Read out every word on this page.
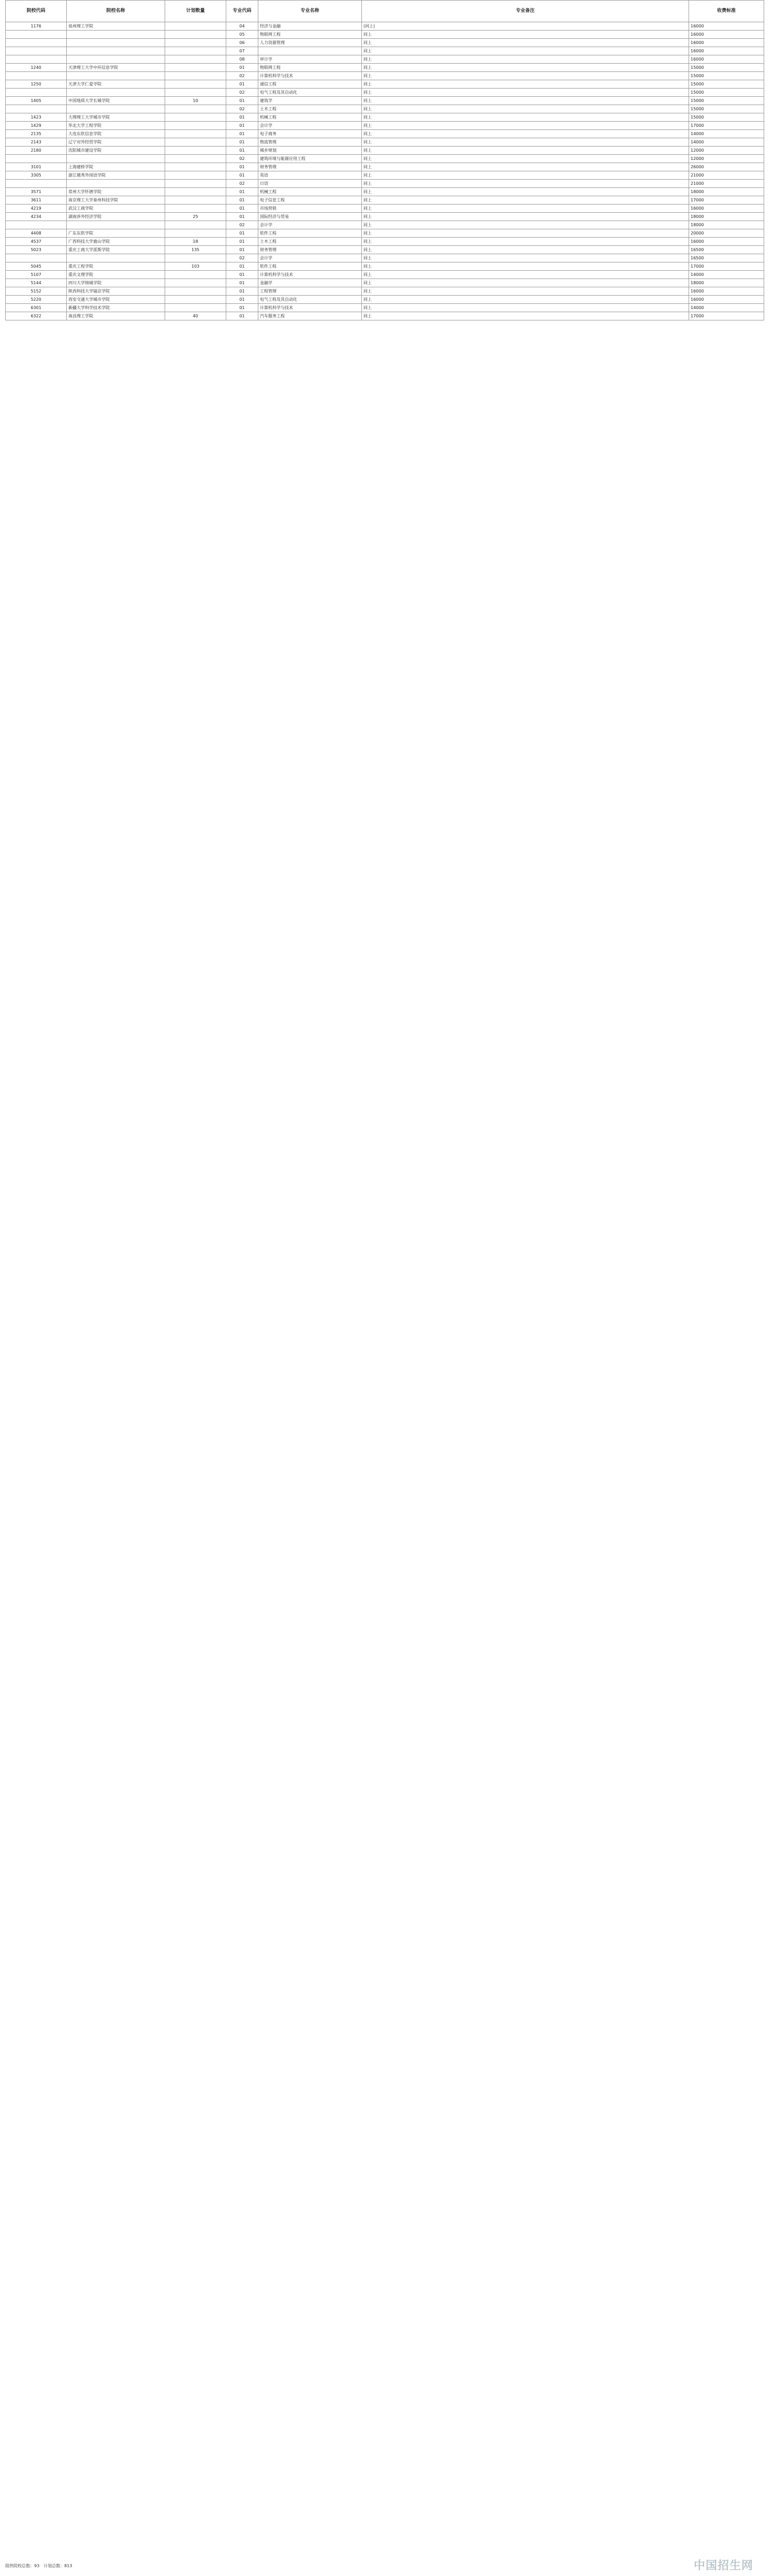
院校代码	院校名称	计划数量	专业代码	专业名称	专业备注	收费标准
1176	泉州理工学院		04	经济与金融	(同上)	16000
			05	物联网工程	同上	16000
			06	人力资源管理	同上	16000
			07		同上	16000
			08	审计学	同上	16000
1240	天津理工大学中环信息学院		01	物联网工程	同上	15000
			02	计算机科学与技术	同上	15000
1250	天津大学仁爱学院		01	通信工程	同上	15000
			02	电气工程及其自动化	同上	15000
1405	中国地质大学长城学院	10	01	建筑学	同上	15000
			02	土木工程	同上	15000
1423	大理理工大学城市学院		01	机械工程	同上	15000
1429	华北大学工程学院		01	会计学	同上	17000
2135	大连东软信息学院		01	电子商务	同上	14000
2143	辽宁对外经贸学院		01	物流管理	同上	14000
2180	沈阳城市建设学院		01	城乡规划	同上	12000
			02	建筑环境与能源应用工程	同上	12000
3101	上海建桥学院		01	财务管理	同上	26000
3305	浙江越秀外国语学院		01	英语	同上	21000
			02	日语	同上	21000
3571	常州大学怀德学院		01	机械工程	同上	18000
3611	南京理工大学泰州科技学院		01	电子信息工程	同上	17000
4219	武汉工商学院		01	市场营销	同上	16000
4234	湖南涉外经济学院	25	01	国际经济与贸易	同上	18000
			02	会计学	同上	18000
4408	广东东软学院		01	软件工程	同上	20000
4537	广西科技大学鹿山学院	18	01	土木工程	同上	16000
5023	重庆工商大学派斯学院	135	01	财务管理	同上	16500
			02	会计学	同上	16500
5045	重庆工程学院	103	01	软件工程	同上	17000
5107	重庆文理学院		01	计算机科学与技术	同上	14000
5144	四川大学锦城学院		01	金融学	同上	18000
5152	陕西科技大学镐京学院		01	工程管理	同上	16000
5220	西安交通大学城市学院		01	电气工程及其自动化	同上	16000
6301	新疆大学科学技术学院		01	计算机科学与技术	同上	14000
6322	南昌理工学院	40	01	汽车服务工程	同上	17000
提供院校总数：93　计划总数：813	中国招生网
